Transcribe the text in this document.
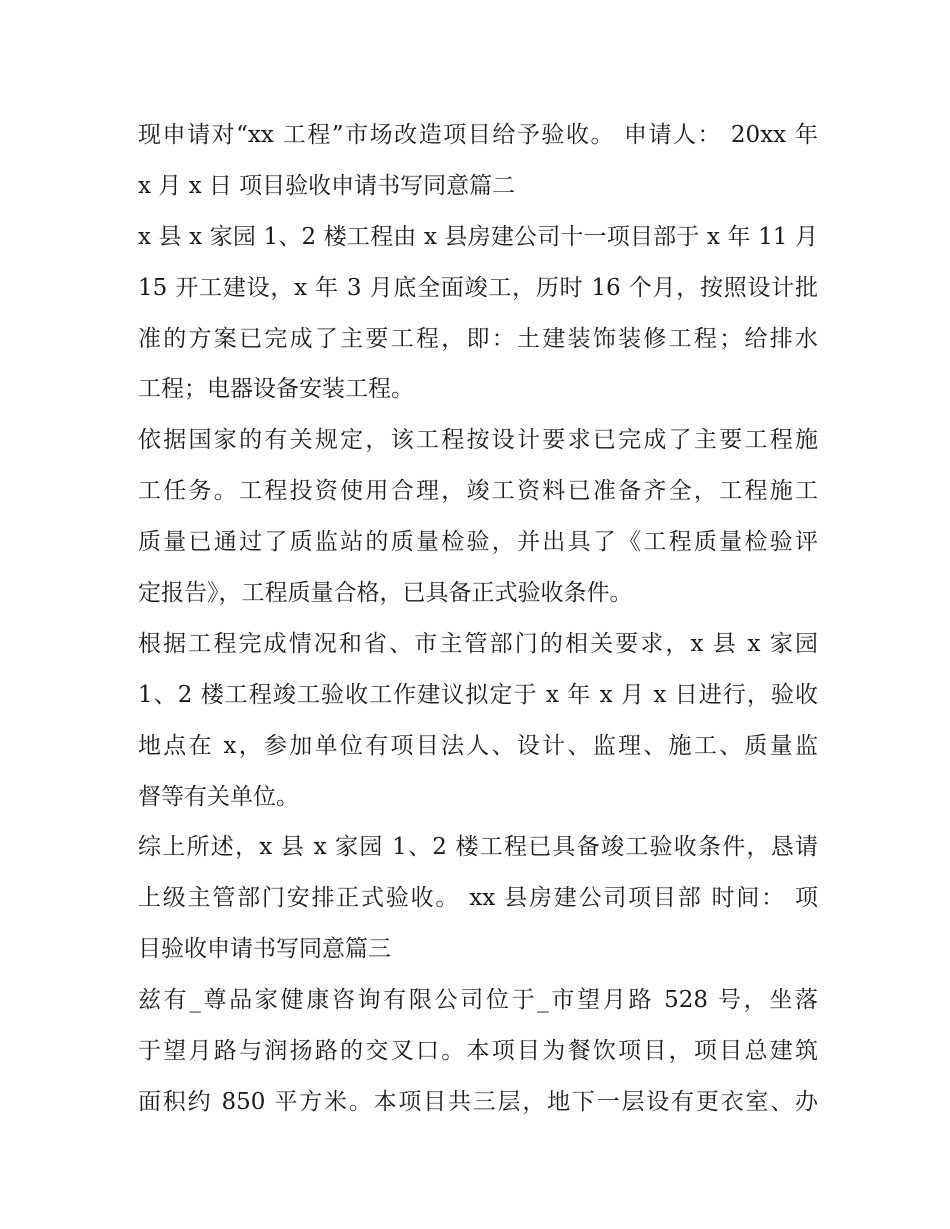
现申请对“xx 工程”市场改造项目给予验收。 申请人： 20xx 年
x 月 x 日 项目验收申请书写同意篇二
x 县 x 家园 1、2 楼工程由 x 县房建公司十一项目部于 x 年 11 月
15 开工建设，x 年 3 月底全面竣工，历时 16 个月，按照设计批
准的方案已完成了主要工程，即：土建装饰装修工程；给排水
工程；电器设备安装工程。
依据国家的有关规定，该工程按设计要求已完成了主要工程施
工任务。工程投资使用合理，竣工资料已准备齐全，工程施工
质量已通过了质监站的质量检验，并出具了《工程质量检验评
定报告》，工程质量合格，已具备正式验收条件。
根据工程完成情况和省、市主管部门的相关要求，x 县 x 家园
1、2 楼工程竣工验收工作建议拟定于 x 年 x 月 x 日进行，验收
地点在 x，参加单位有项目法人、设计、监理、施工、质量监
督等有关单位。
综上所述，x 县 x 家园 1、2 楼工程已具备竣工验收条件，恳请
上级主管部门安排正式验收。 xx 县房建公司项目部 时间： 项
目验收申请书写同意篇三
兹有_尊品家健康咨询有限公司位于_市望月路 528 号，坐落
于望月路与润扬路的交叉口。本项目为餐饮项目，项目总建筑
面积约 850 平方米。本项目共三层，地下一层设有更衣室、办
